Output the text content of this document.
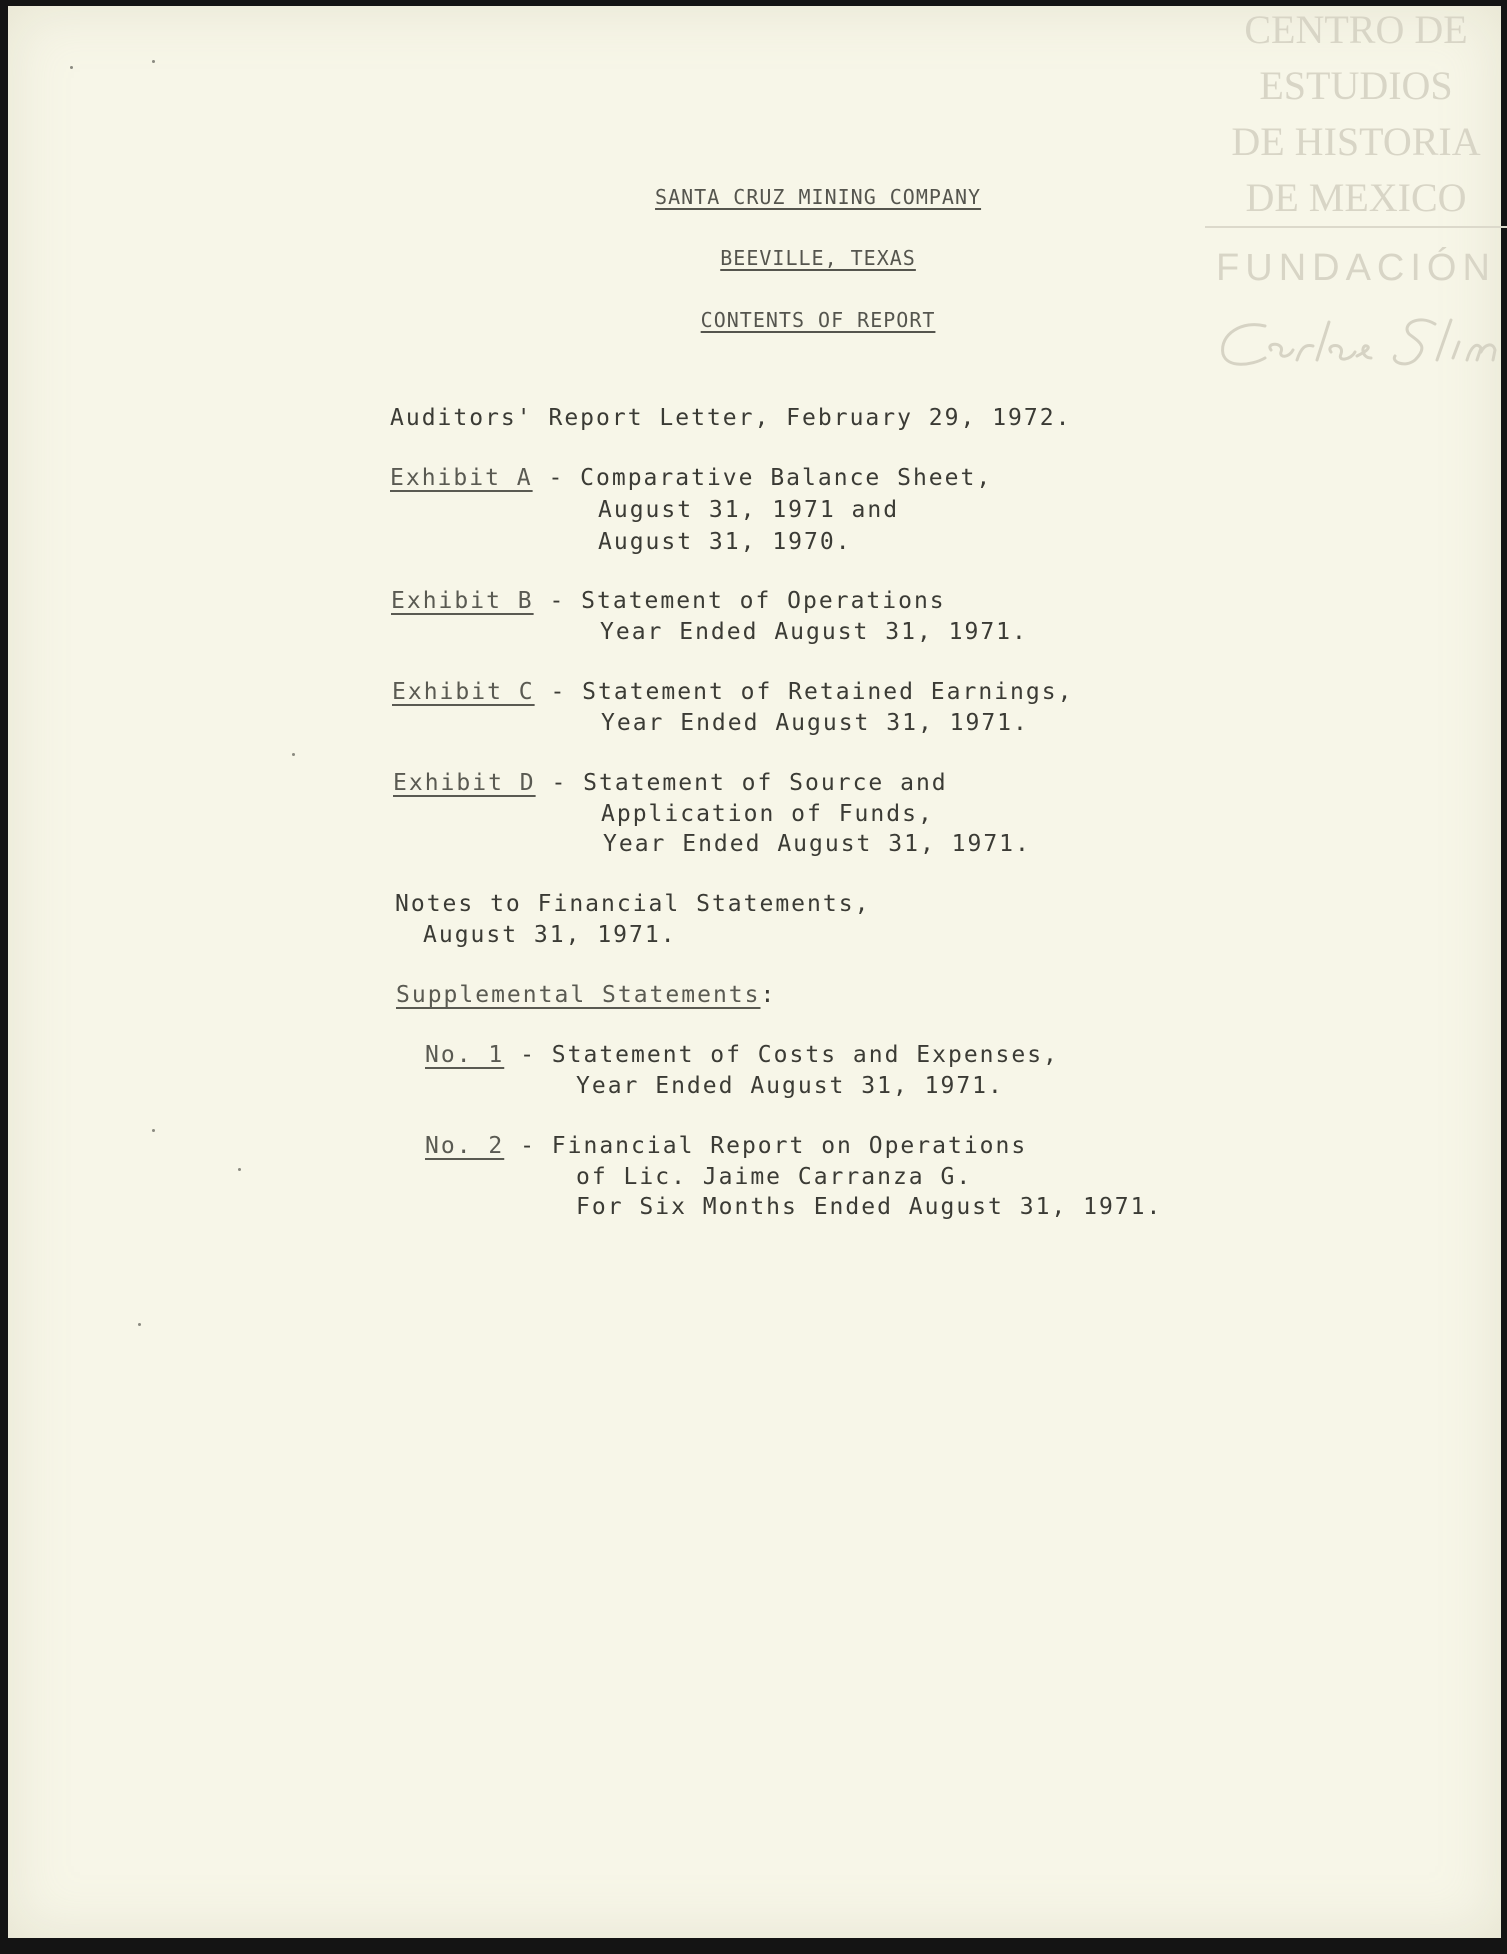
CENTRO DE
ESTUDIOS
DE HISTORIA
DE MEXICO
FUNDACIÓN

SANTA CRUZ MINING COMPANY

BEEVILLE, TEXAS

CONTENTS OF REPORT

Auditors' Report Letter, February 29, 1972.
Exhibit A - Comparative Balance Sheet,
August 31, 1971 and
August 31, 1970.
Exhibit B - Statement of Operations
Year Ended August 31, 1971.
Exhibit C - Statement of Retained Earnings,
Year Ended August 31, 1971.
Exhibit D - Statement of Source and
Application of Funds,
Year Ended August 31, 1971.
Notes to Financial Statements,
August 31, 1971.
Supplemental Statements:
No. 1 - Statement of Costs and Expenses,
Year Ended August 31, 1971.
No. 2 - Financial Report on Operations
of Lic. Jaime Carranza G.
For Six Months Ended August 31, 1971.
